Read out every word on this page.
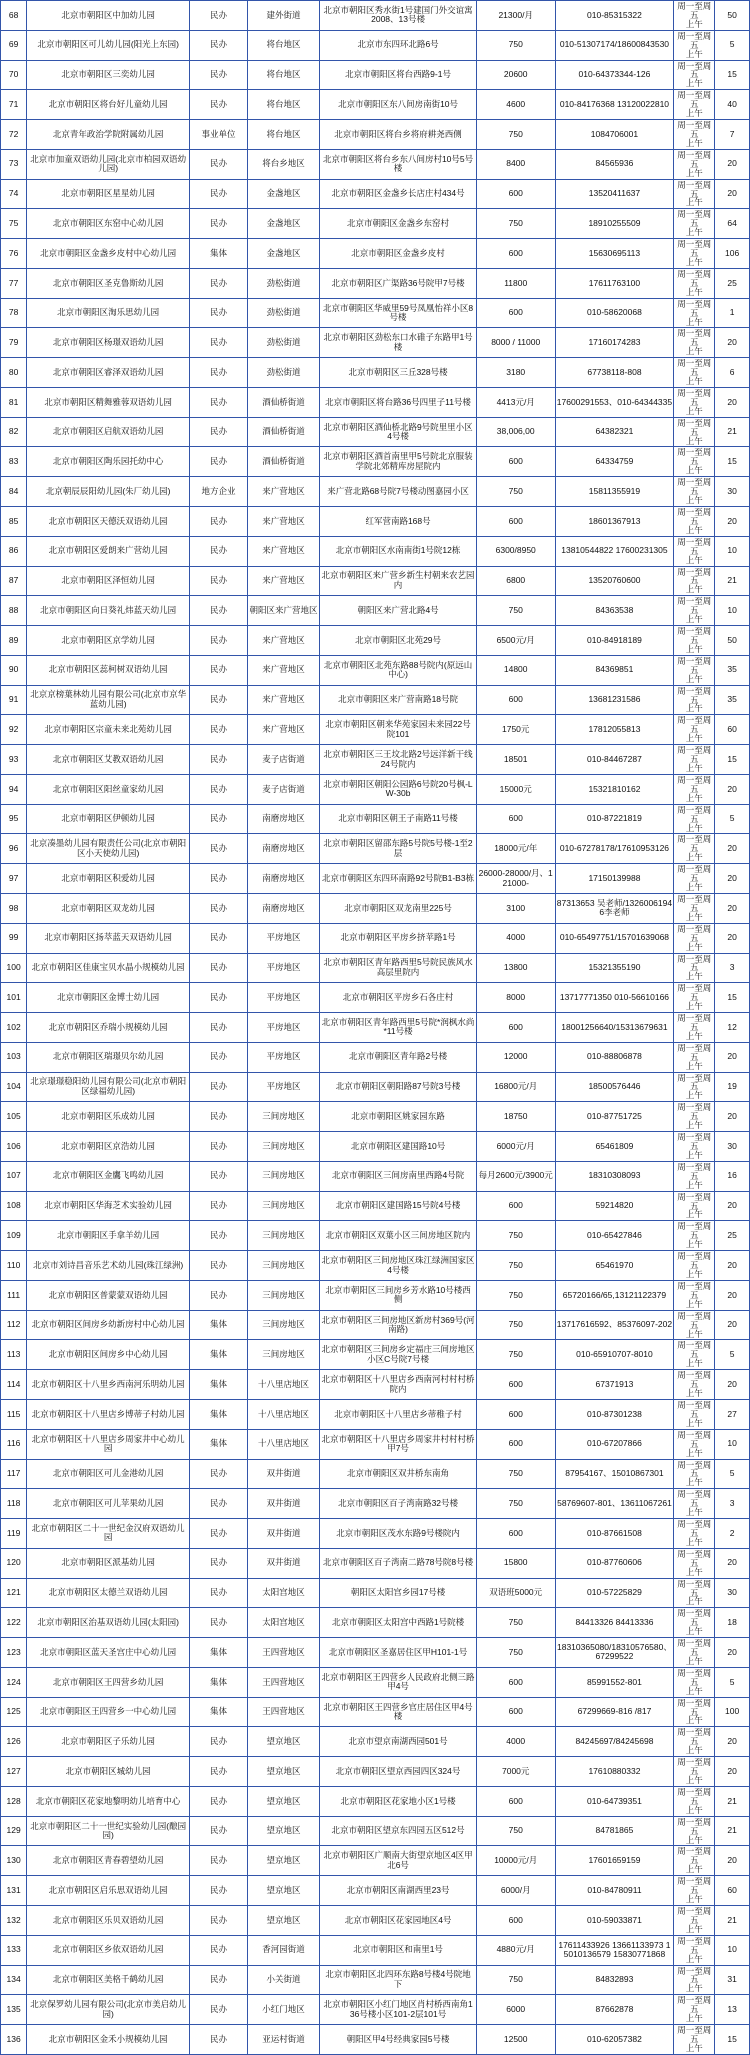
68	北京市朝阳区中加幼儿园	民办	建外街道	北京市朝阳区秀水街1号建国门外交谊寓2008、13号楼	21300/月	010-85315322	周一至周五
上午	50
69	北京市朝阳区可儿幼儿园(阳光上东园)	民办	将台地区	北京市东四环北路6号	750	010-51307174/18600843530	周一至周五
上午	5
70	北京市朝阳区三奕幼儿园	民办	将台地区	北京市朝阳区将台西路9-1号	20600	010-64373344-126	周一至周五
上午	15
71	北京市朝阳区将台好儿童幼儿园	民办	将台地区	北京市朝阳区东八间房南街10号	4600	010-84176368 13120022810	周一至周五
上午	40
72	北京青年政治学院附属幼儿园	事业单位	将台地区	北京市朝阳区将台乡将府耕尧西侧	750	1084706001	周一至周五
上午	7
73	北京市加童双语幼儿园(北京市柏园双语幼儿园)	民办	将台乡地区	北京市朝阳区将台乡东八间房村10号5号楼	8400	84565936	周一至周五
上午	20
74	北京市朝阳区星星幼儿园	民办	金盏地区	北京市朝阳区金盏乡长店庄村434号	600	13520411637	周一至周五
上午	20
75	北京市朝阳区东窑中心幼儿园	民办	金盏地区	北京市朝阳区金盏乡东窑村	750	18910255509	周一至周五
上午	64
76	北京市朝阳区金盏乡皮村中心幼儿园	集体	金盏地区	北京市朝阳区金盏乡皮村	600	15630695113	周一至周五
上午	106
77	北京市朝阳区圣克鲁斯幼儿园	民办	劲松街道	北京市朝阳区广渠路36号院甲7号楼	11800	17611763100	周一至周五
上午	25
78	北京市朝阳区淘乐思幼儿园	民办	劲松街道	北京市朝阳区华威里59号凤凰怡祥小区8号楼	600	010-58620068	周一至周五
上午	1
79	北京市朝阳区杨璟双语幼儿园	民办	劲松街道	北京市朝阳区劲松东口水碓子东路甲1号楼	8000 / 11000	17160174283	周一至周五
上午	20
80	北京市朝阳区睿泽双语幼儿园	民办	劲松街道	北京市朝阳区三丘328号楼	3180	67738118-808	周一至周五
上午	6
81	北京市朝阳区精舞雅蓉双语幼儿园	民办	酒仙桥街道	北京市朝阳区将台路36号四里子11号楼	4413元/月	17600291553、010-64344335	周一至周五
上午	20
82	北京市朝阳区启航双语幼儿园	民办	酒仙桥街道	北京市朝阳区酒仙桥北路9号院里里小区4号楼	38,006,00	64382321	周一至周五
上午	21
83	北京市朝阳区陶乐园托幼中心	民办	酒仙桥街道	北京市朝阳区酒首南里甲5号院北京服装学院北郊精库房屋院内	600	64334759	周一至周五
上午	15
84	北京朝辰辰阳幼儿园(朱厂幼儿园)	地方企业	来广营地区	来广营北路68号院7号楼动图嘉园小区	750	15811355919	周一至周五
上午	30
85	北京市朝阳区天德沃双语幼儿园	民办	来广营地区	红军营南路168号	600	18601367913	周一至周五
上午	20
86	北京市朝阳区爱朗来广营幼儿园	民办	来广营地区	北京市朝阳区水南南街1号院12栋	6300/8950	13810544822 17600231305	周一至周五
上午	10
87	北京市朝阳区泽恒幼儿园	民办	来广营地区	北京市朝阳区来广营乡新生村朝来农艺园内	6800	13520760600	周一至周五
上午	21
88	北京市朝阳区向日葵礼炜蓝天幼儿园	民办	朝阳区来广营地区	朝阳区来广营北路4号	750	84363538	周一至周五
上午	10
89	北京市朝阳区京学幼儿园	民办	来广营地区	北京市朝阳区北苑29号	6500元/月	010-84918189	周一至周五
上午	50
90	北京市朝阳区蕊柯树双语幼儿园	民办	来广营地区	北京市朝阳区北苑东路88号院内(原远山中心)	14800	84369851	周一至周五
上午	35
91	北京京榜葉林幼儿园有限公司(北京市京华蓝幼儿园)	民办	来广营地区	北京市朝阳区来广营南路18号院	600	13681231586	周一至周五
上午	35
92	北京市朝阳区宗童未来北苑幼儿园	民办	来广营地区	北京市朝阳区朝来华苑家园未来园22号院101	1750元	17812055813	周一至周五
上午	60
93	北京市朝阳区艾教双语幼儿园	民办	麦子店街道	北京市朝阳区三王坟北路2号远洋新干线24号院内	18501	010-84467287	周一至周五
上午	15
94	北京市朝阳区阳丝童家幼儿园	民办	麦子店街道	北京市朝阳区朝阳公园路6号院20号枫-LW-30b	15000元	15321810162	周一至周五
上午	20
95	北京市朝阳区伊顿幼儿园	民办	南磨房地区	北京市朝阳区朝王子南路11号楼	600	010-87221819	周一至周五
上午	5
96	北京凑墨幼儿园有限责任公司(北京市朝阳区小天使幼儿园)	民办	南磨房地区	北京市朝阳区留邵东路5号院5号楼-1至2层	18000元/年	010-67278178/17610953126	周一至周五
上午	20
97	北京市朝阳区积爱幼儿园	民办	南磨房地区	北京市朝阳区东四环南路92号院B1-B3栋	26000-28000/月、121000-	17150139988	周一至周五
上午	20
98	北京市朝阳区双龙幼儿园	民办	南磨房地区	北京市朝阳区双龙南里225号	3100	87313653 吴老师/13260061946李老师	周一至周五
上午	20
99	北京市朝阳区扬萃蓝天双语幼儿园	民办	平房地区	北京市朝阳区平房乡挤苹路1号	4000	010-65497751/15701639068	周一至周五
上午	20
100	北京市朝阳区佳康宝贝水晶小规模幼儿园	民办	平房地区	北京市朝阳区青年路西里5号院民族风水高层里院内	13800	15321355190	周一至周五
上午	3
101	北京市朝阳区金博士幼儿园	民办	平房地区	北京市朝阳区平房乡石各庄村	8000	13717771350 010-56610166	周一至周五
上午	15
102	北京市朝阳区乔瑞小规模幼儿园	民办	平房地区	北京市朝阳区青年路西里5号院*润枫水尚*11号楼	600	18001256640/15313679631	周一至周五
上午	12
103	北京市朝阳区瑞璟贝尔幼儿园	民办	平房地区	北京市朝阳区青年路2号楼	12000	010-88806878	周一至周五
上午	20
104	北京璟璟稳阳幼儿园有限公司(北京市朝阳区绿福幼儿园)	民办	平房地区	北京市朝阳区朝阳路87号院3号楼	16800元/月	18500576446	周一至周五
上午	19
105	北京市朝阳区乐成幼儿园	民办	三间房地区	北京市朝阳区姚家园东路	18750	010-87751725	周一至周五
上午	20
106	北京市朝阳区京浩幼儿园	民办	三间房地区	北京市朝阳区建国路10号	6000元/月	65461809	周一至周五
上午	30
107	北京市朝阳区金鷹飞鸣幼儿园	民办	三间房地区	北京市朝阳区三间房南里西路4号院	每月2600元/3900元	18310308093	周一至周五
上午	16
108	北京市朝阳区华海芝术实验幼儿园	民办	三间房地区	北京市朝阳区建国路15号院4号楼	600	59214820	周一至周五
上午	20
109	北京市朝阳区手拿羊幼儿园	民办	三间房地区	北京市朝阳区双葉小区三间房地区院内	750	010-65427846	周一至周五
上午	25
110	北京市刘诗昌音乐艺术幼儿园(珠江绿洲)	民办	三间房地区	北京市朝阳区三间房地区珠江绿洲国家区4号楼	750	65461970	周一至周五
上午	20
111	北京市朝阳区普蒙蒙双语幼儿园	民办	三间房地区	北京市朝阳区三间房乡芳水路10号楼西侧	750	65720166/65,13121122379	周一至周五
上午	20
112	北京市朝阳区间房乡幼新房村中心幼儿园	集体	三间房地区	北京市朝阳区三间房地区新房村369号(河南路)	750	13717616592、85376097-202	周一至周五
上午	20
113	北京市朝阳区间房乡中心幼儿园	集体	三间房地区	北京市朝阳区三间房乡定福庄三间房地区小区C号院7号楼	750	010-65910707-8010	周一至周五
上午	5
114	北京市朝阳区十八里乡西南河乐明幼儿园	集体	十八里店地区	北京市朝阳区十八里店乡西南河村村村桥院内	600	67371913	周一至周五
上午	20
115	北京市朝阳区十八里店乡博蒂子村幼儿园	集体	十八里店地区	北京市朝阳区十八里店乡蒂稚子村	600	010-87301238	周一至周五
上午	27
116	北京市朝阳区十八里店乡周家井中心幼儿园	集体	十八里店地区	北京市朝阳区十八里店乡周家井村村村桥甲7号	600	010-67207866	周一至周五
上午	10
117	北京市朝阳区可儿金港幼儿园	民办	双井街道	北京市朝阳区双井桥东南角	750	87954167、15010867301	周一至周五
上午	5
118	北京市朝阳区可儿苹果幼儿园	民办	双井街道	北京市朝阳区百子湾南路32号楼	750	58769607-801、13611067261	周一至周五
上午	3
119	北京市朝阳区二十一世纪金汉府双语幼儿园	民办	双井街道	北京市朝阳区茂水东路9号楼院内	600	010-87661508	周一至周五
上午	2
120	北京市朝阳区派基幼儿园	民办	双井街道	北京市朝阳区百子湾南二路78号院8号楼	15800	010-87760606	周一至周五
上午	20
121	北京市朝阳区太德兰双语幼儿园	民办	太阳宫地区	朝阳区太阳宫乡园17号楼	双语班5000元	010-57225829	周一至周五
上午	30
122	北京市朝阳区治基双语幼儿园(太阳园)	民办	太阳宫地区	北京市朝阳区太阳宫中西路1号院楼	750	84413326 84413336	周一至周五
上午	18
123	北京市朝阳区蓝天圣宫庄中心幼儿园	集体	王四营地区	北京市朝阳区圣嘉居住区甲H101-1号	750	18310365080/18310576580、67299522	周一至周五
上午	20
124	北京市朝阳区王四营乡幼儿园	集体	王四营地区	北京市朝阳区王四营乡人民政府北侧三路甲4号	600	85991552-801	周一至周五
上午	5
125	北京市朝阳区王四营乡一中心幼儿园	集体	王四营地区	北京市朝阳区王四营乡官庄居住区甲4号楼	600	67299669-816 /817	周一至周五
上午	100
126	北京市朝阳区子乐幼儿园	民办	望京地区	北京市望京南湖西园501号	4000	84245697/84245698	周一至周五
上午	20
127	北京市朝阳区城幼儿园	民办	望京地区	北京市朝阳区望京西园四区324号	7000元	17610880332	周一至周五
上午	20
128	北京市朝阳区花家地黎明幼儿培育中心	民办	望京地区	北京市朝阳区花家地小区1号楼	600	010-64739351	周一至周五
上午	21
129	北京市朝阳区二十一世纪实验幼儿园(酿园园)	民办	望京地区	北京市朝阳区望京东四园五区512号	750	84781865	周一至周五
上午	21
130	北京市朝阳区青春碧望幼儿园	民办	望京地区	北京市朝阳区广顺南大街望京地区4区甲北6号	10000元/月	17601659159	周一至周五
上午	20
131	北京市朝阳区启乐思双语幼儿园	民办	望京地区	北京市朝阳区南湖西里23号	6000/月	010-84780911	周一至周五
上午	60
132	北京市朝阳区乐贝双语幼儿园	民办	望京地区	北京市朝阳区花家园地区4号	600	010-59033871	周一至周五
上午	21
133	北京市朝阳区乡依双语幼儿园	民办	香河园街道	北京市朝阳区和南里1号	4880元/月	17611433926 13661133973 15010136579 15830771868	周一至周五
上午	10
134	北京市朝阳区美格千鹤幼儿园	民办	小关街道	北京市朝阳区北四环东路8号楼4号院地下	750	84832893	周一至周五
上午	31
135	北京保罗幼儿园有限公司(北京市美启幼儿园)	民办	小红门地区	北京市朝阳区小红门地区肖村桥西南角136号楼小区101-2层101号	6000	87662878	周一至周五
上午	13
136	北京市朝阳区金禾小规模幼儿园	民办	亚运村街道	朝阳区甲4号经典家园5号楼	12500	010-62057382	周一至周五
上午	15
